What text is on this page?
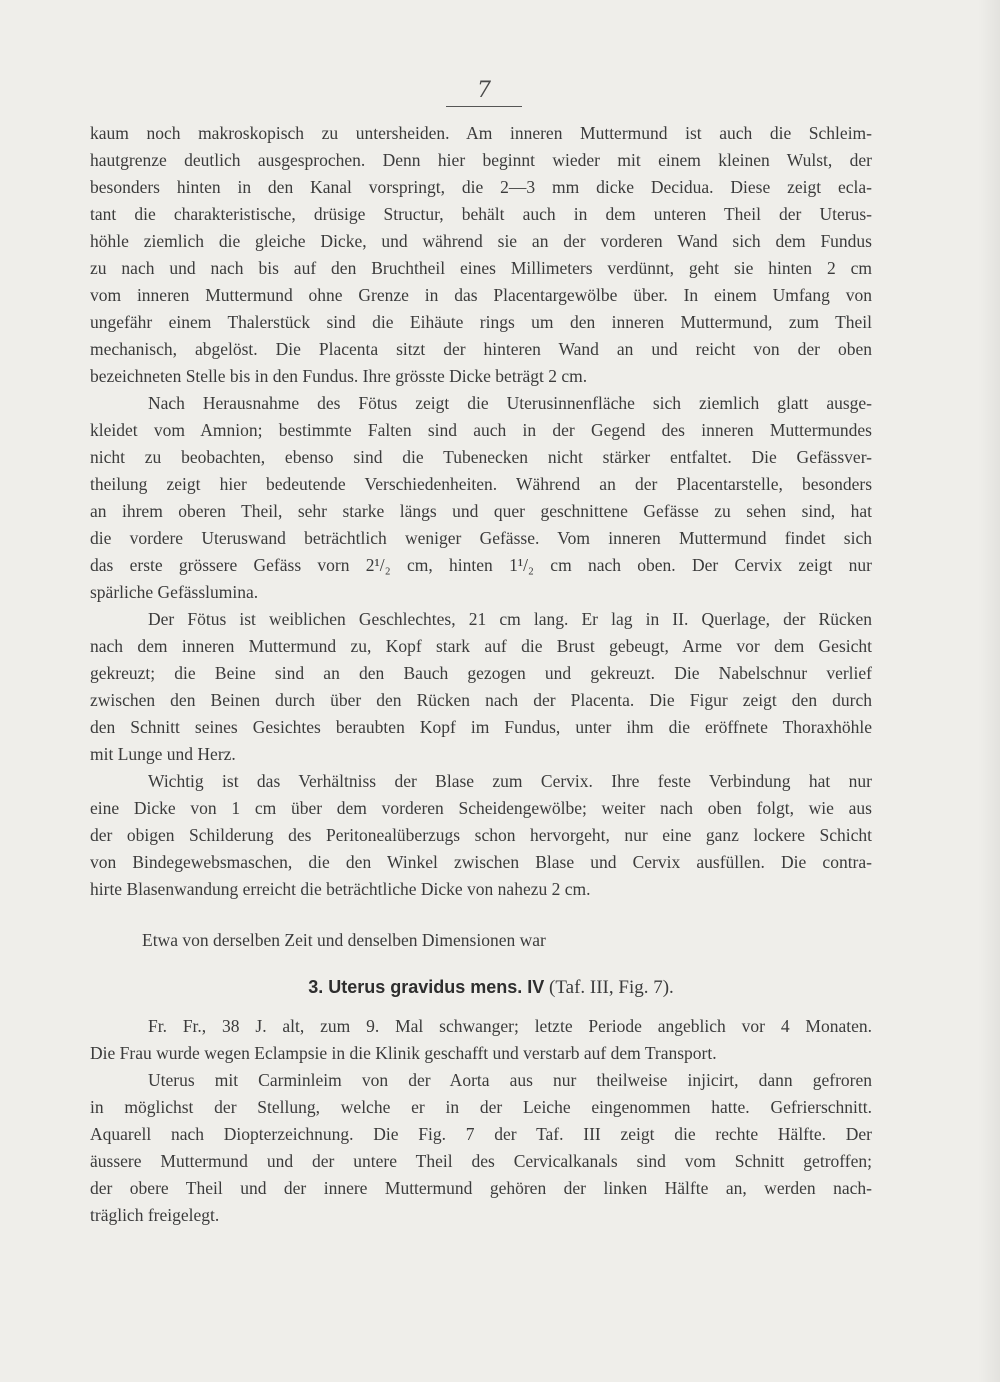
7
kaum noch makroskopisch zu untersheiden. Am inneren Muttermund ist auch die Schleim-
hautgrenze deutlich ausgesprochen. Denn hier beginnt wieder mit einem kleinen Wulst, der
besonders hinten in den Kanal vorspringt, die 2—3 mm dicke Decidua. Diese zeigt ecla-
tant die charakteristische, drüsige Structur, behält auch in dem unteren Theil der Uterus-
höhle ziemlich die gleiche Dicke, und während sie an der vorderen Wand sich dem Fundus
zu nach und nach bis auf den Bruchtheil eines Millimeters verdünnt, geht sie hinten 2 cm
vom inneren Muttermund ohne Grenze in das Placentargewölbe über. In einem Umfang von
ungefähr einem Thalerstück sind die Eihäute rings um den inneren Muttermund, zum Theil
mechanisch, abgelöst. Die Placenta sitzt der hinteren Wand an und reicht von der oben
bezeichneten Stelle bis in den Fundus. Ihre grösste Dicke beträgt 2 cm.
Nach Herausnahme des Fötus zeigt die Uterusinnenfläche sich ziemlich glatt ausge-
kleidet vom Amnion; bestimmte Falten sind auch in der Gegend des inneren Muttermundes
nicht zu beobachten, ebenso sind die Tubenecken nicht stärker entfaltet. Die Gefässver-
theilung zeigt hier bedeutende Verschiedenheiten. Während an der Placentarstelle, besonders
an ihrem oberen Theil, sehr starke längs und quer geschnittene Gefässe zu sehen sind, hat
die vordere Uteruswand beträchtlich weniger Gefässe. Vom inneren Muttermund findet sich
das erste grössere Gefäss vorn 2¹/₂ cm, hinten 1¹/₂ cm nach oben. Der Cervix zeigt nur
spärliche Gefässlumina.
Der Fötus ist weiblichen Geschlechtes, 21 cm lang. Er lag in II. Querlage, der Rücken
nach dem inneren Muttermund zu, Kopf stark auf die Brust gebeugt, Arme vor dem Gesicht
gekreuzt; die Beine sind an den Bauch gezogen und gekreuzt. Die Nabelschnur verlief
zwischen den Beinen durch über den Rücken nach der Placenta. Die Figur zeigt den durch
den Schnitt seines Gesichtes beraubten Kopf im Fundus, unter ihm die eröffnete Thoraxhöhle
mit Lunge und Herz.
Wichtig ist das Verhältniss der Blase zum Cervix. Ihre feste Verbindung hat nur
eine Dicke von 1 cm über dem vorderen Scheidengewölbe; weiter nach oben folgt, wie aus
der obigen Schilderung des Peritonealüberzugs schon hervorgeht, nur eine ganz lockere Schicht
von Bindegewebsmaschen, die den Winkel zwischen Blase und Cervix ausfüllen. Die contra-
hirte Blasenwandung erreicht die beträchtliche Dicke von nahezu 2 cm.

Etwa von derselben Zeit und denselben Dimensionen war

3. Uterus gravidus mens. IV (Taf. III, Fig. 7).

Fr. Fr., 38 J. alt, zum 9. Mal schwanger; letzte Periode angeblich vor 4 Monaten.
Die Frau wurde wegen Eclampsie in die Klinik geschafft und verstarb auf dem Transport.
Uterus mit Carminleim von der Aorta aus nur theilweise injicirt, dann gefroren
in möglichst der Stellung, welche er in der Leiche eingenommen hatte. Gefrierschnitt.
Aquarell nach Diopterzeichnung. Die Fig. 7 der Taf. III zeigt die rechte Hälfte. Der
äussere Muttermund und der untere Theil des Cervicalkanals sind vom Schnitt getroffen;
der obere Theil und der innere Muttermund gehören der linken Hälfte an, werden nach-
träglich freigelegt.
